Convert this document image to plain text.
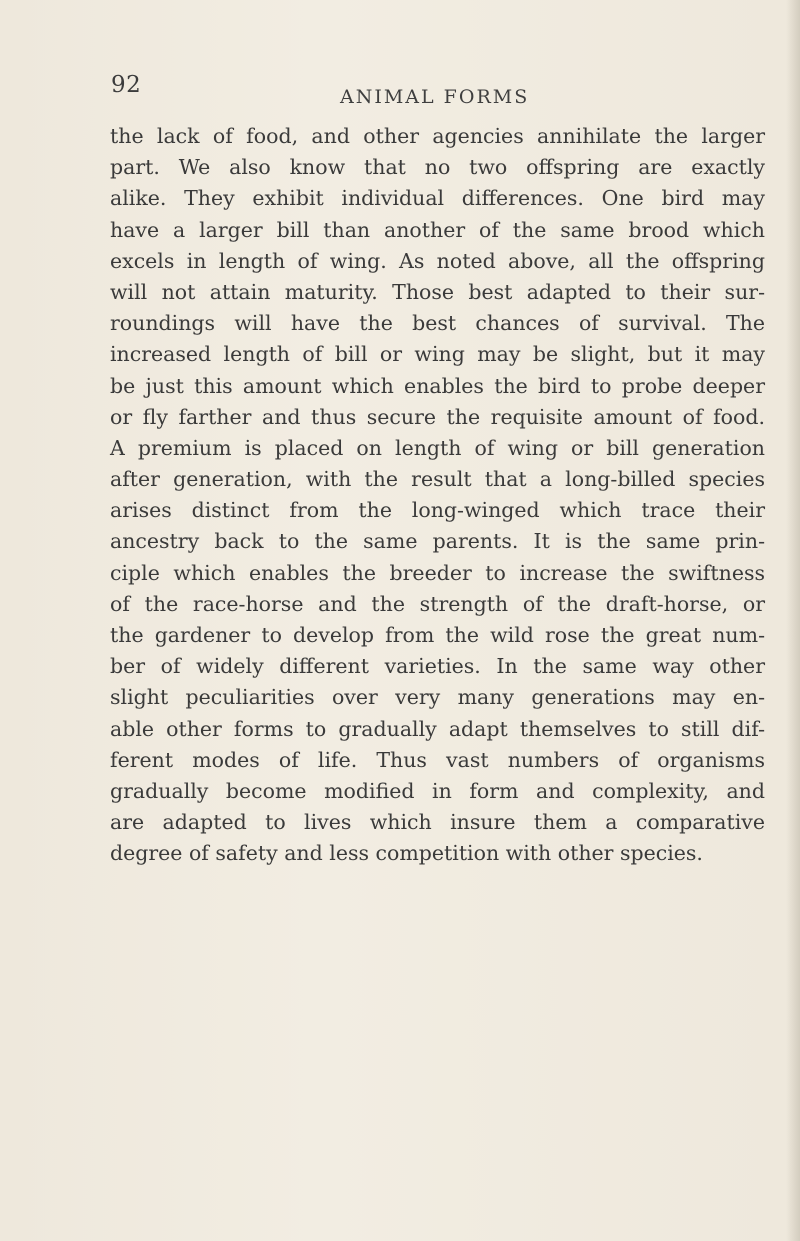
92	ANIMAL FORMS
the lack of food, and other agencies annihilate the larger
part. We also know that no two offspring are exactly
alike. They exhibit individual differences. One bird may
have a larger bill than another of the same brood which
excels in length of wing. As noted above, all the offspring
will not attain maturity. Those best adapted to their sur-
roundings will have the best chances of survival. The
increased length of bill or wing may be slight, but it may
be just this amount which enables the bird to probe deeper
or fly farther and thus secure the requisite amount of food.
A premium is placed on length of wing or bill generation
after generation, with the result that a long-billed species
arises distinct from the long-winged which trace their
ancestry back to the same parents. It is the same prin-
ciple which enables the breeder to increase the swiftness
of the race-horse and the strength of the draft-horse, or
the gardener to develop from the wild rose the great num-
ber of widely different varieties. In the same way other
slight peculiarities over very many generations may en-
able other forms to gradually adapt themselves to still dif-
ferent modes of life. Thus vast numbers of organisms
gradually become modified in form and complexity, and
are adapted to lives which insure them a comparative
degree of safety and less competition with other species.
